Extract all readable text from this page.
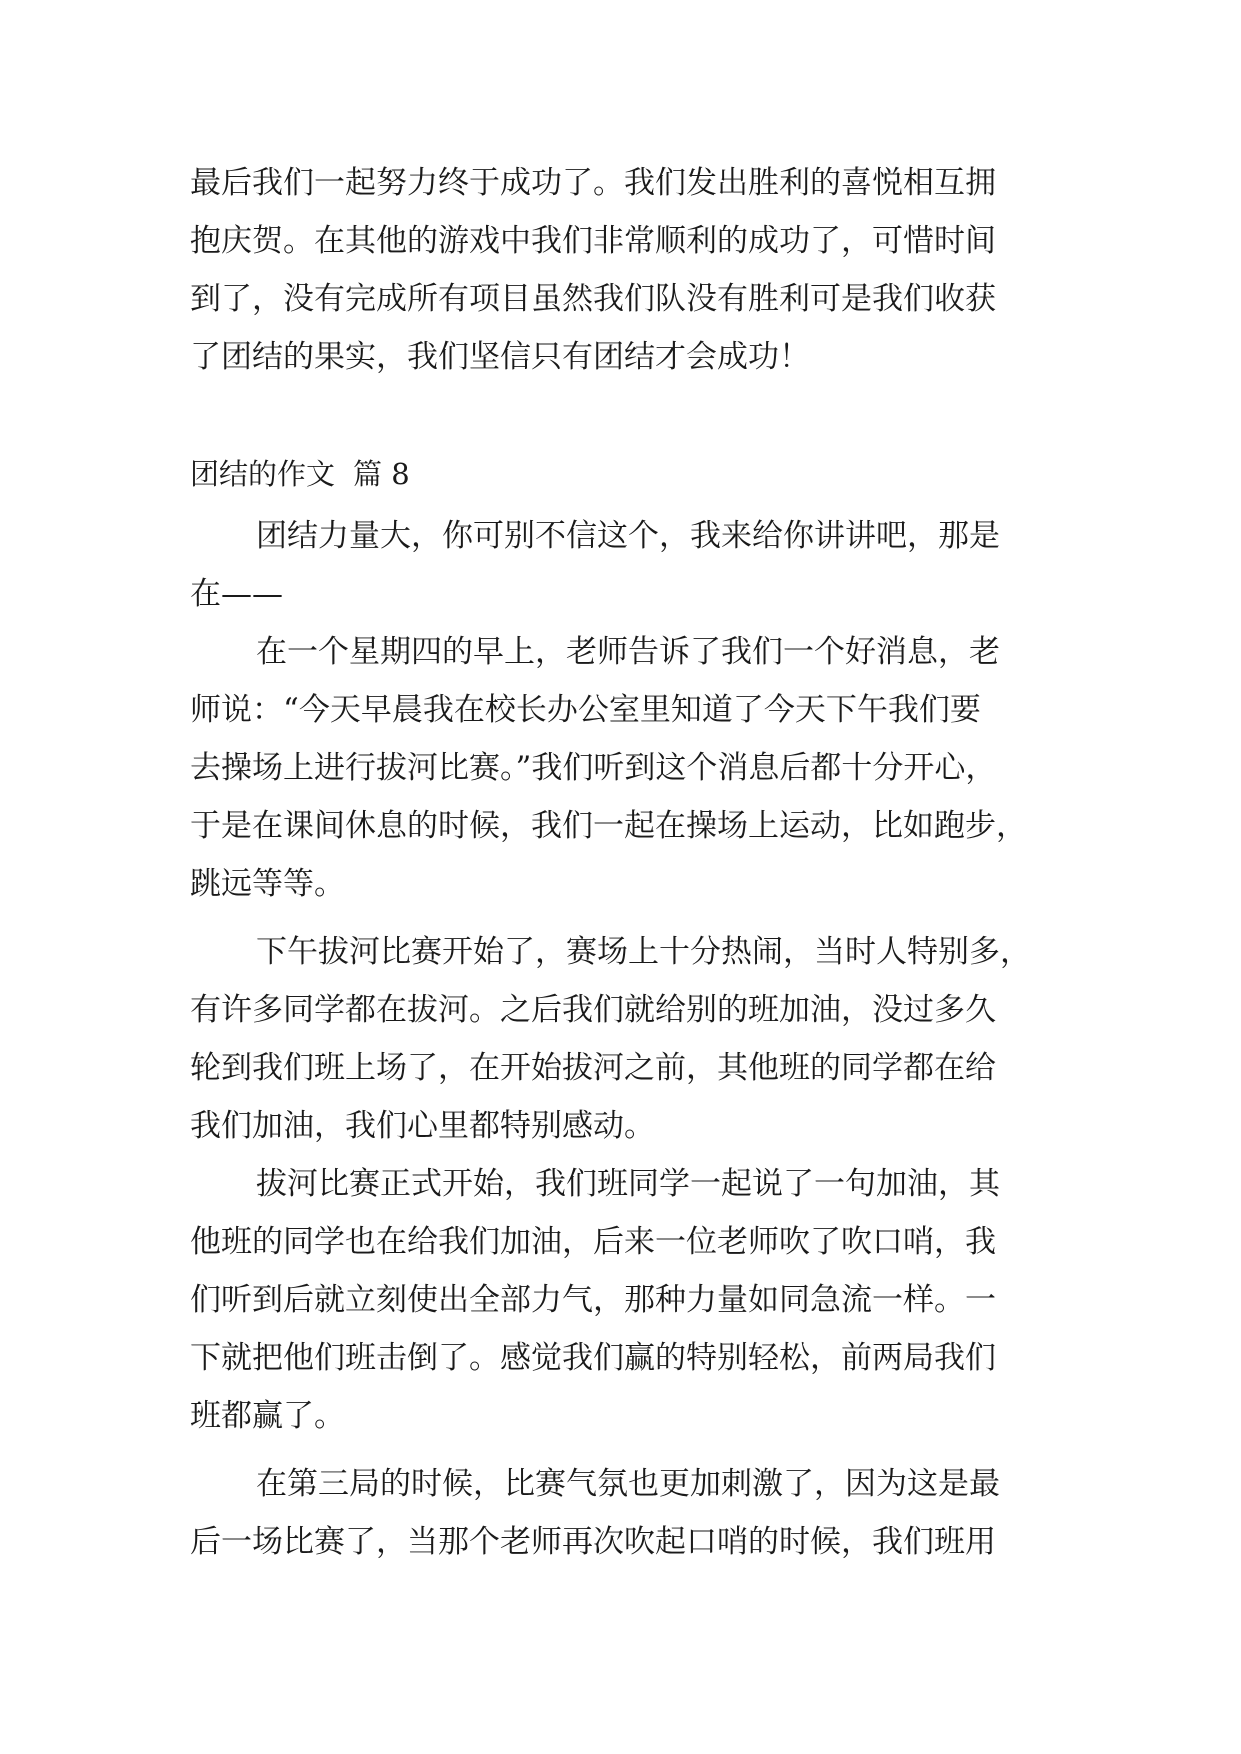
最后我们一起努力终于成功了。我们发出胜利的喜悦相互拥
抱庆贺。在其他的游戏中我们非常顺利的成功了，可惜时间
到了，没有完成所有项目虽然我们队没有胜利可是我们收获
了团结的果实，我们坚信只有团结才会成功！
团结的作文 篇 8
团结力量大，你可别不信这个，我来给你讲讲吧，那是
在——
在一个星期四的早上，老师告诉了我们一个好消息，老
师说：“今天早晨我在校长办公室里知道了今天下午我们要
去操场上进行拔河比赛。”我们听到这个消息后都十分开心，
于是在课间休息的时候，我们一起在操场上运动，比如跑步，
跳远等等。
下午拔河比赛开始了，赛场上十分热闹，当时人特别多，
有许多同学都在拔河。之后我们就给别的班加油，没过多久
轮到我们班上场了，在开始拔河之前，其他班的同学都在给
我们加油，我们心里都特别感动。
拔河比赛正式开始，我们班同学一起说了一句加油，其
他班的同学也在给我们加油，后来一位老师吹了吹口哨，我
们听到后就立刻使出全部力气，那种力量如同急流一样。一
下就把他们班击倒了。感觉我们赢的特别轻松，前两局我们
班都赢了。
在第三局的时候，比赛气氛也更加刺激了，因为这是最
后一场比赛了，当那个老师再次吹起口哨的时候，我们班用
